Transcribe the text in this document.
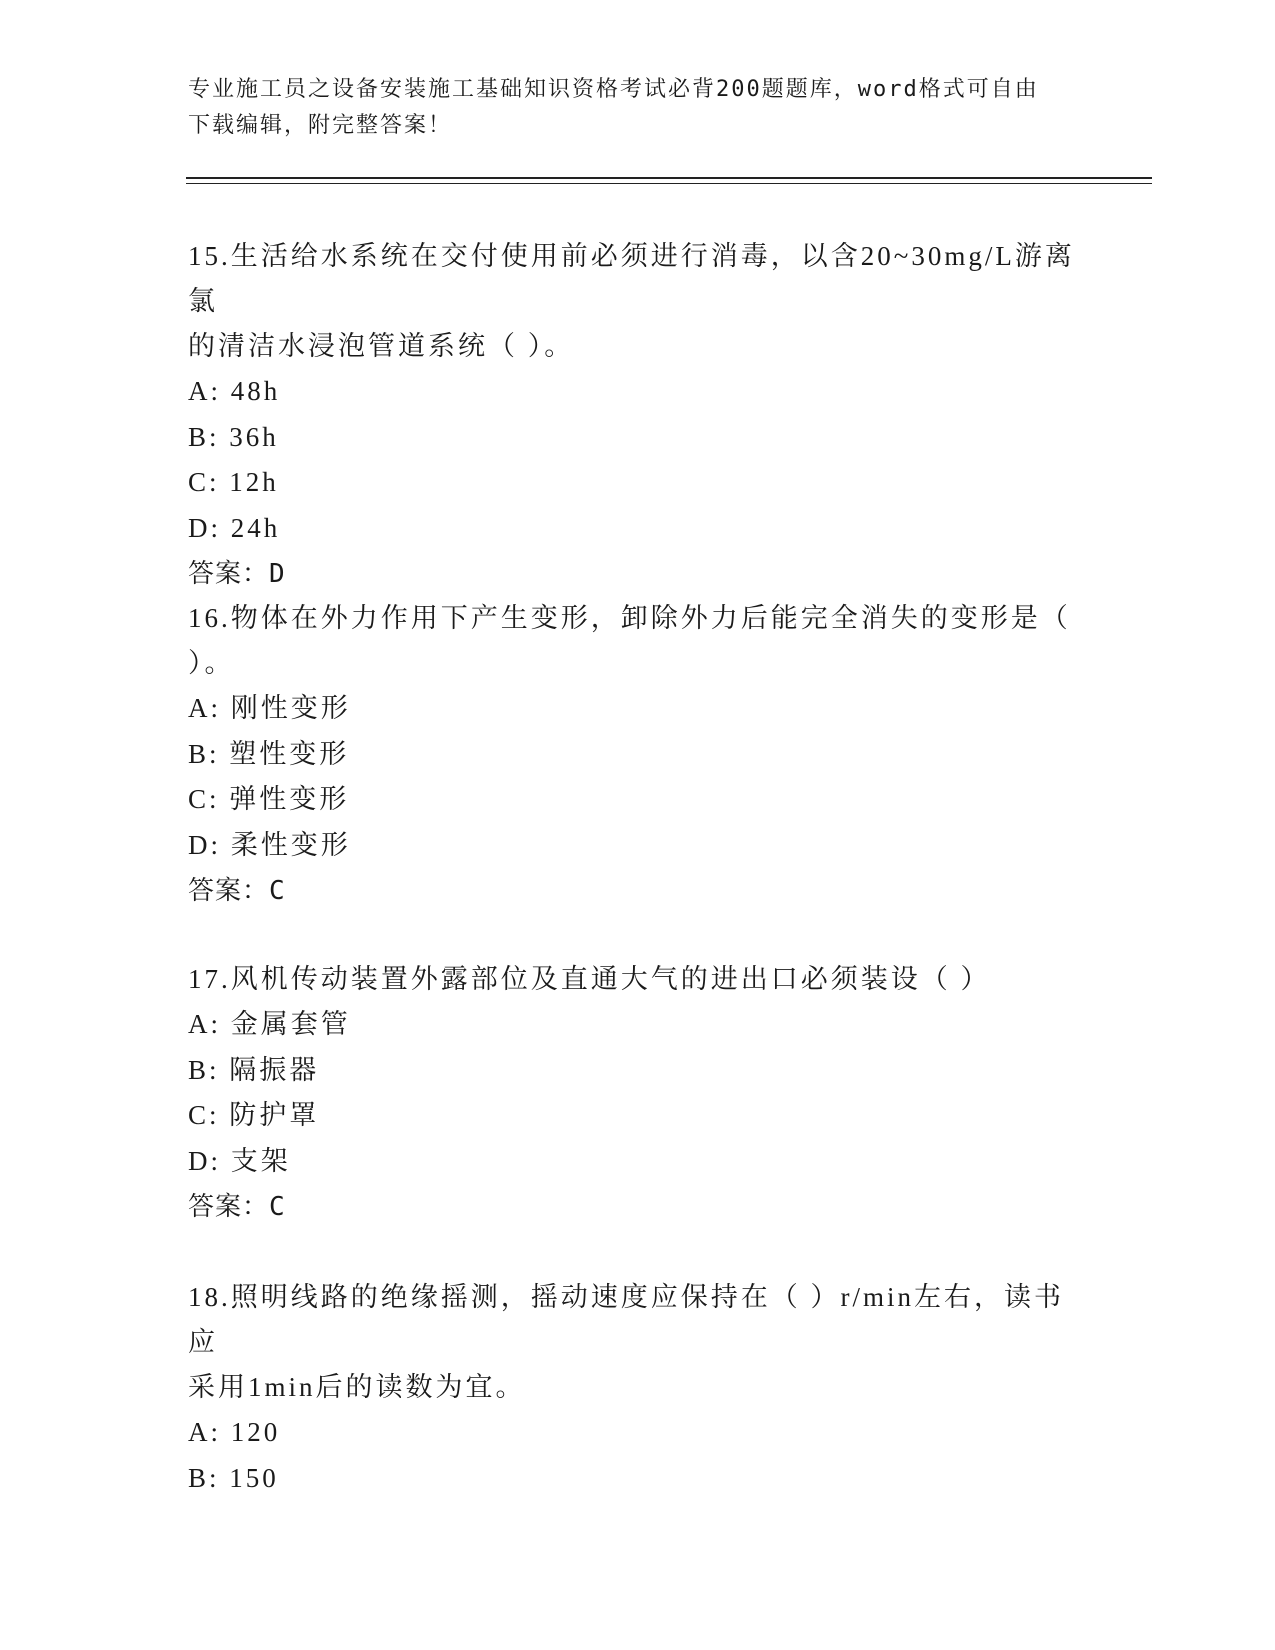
专业施工员之设备安装施工基础知识资格考试必背200题题库，word格式可自由
下载编辑，附完整答案！

15.生活给水系统在交付使用前必须进行消毒，以含20~30mg/L游离氯

的清洁水浸泡管道系统（ ）。

A: 48h

B: 36h

C: 12h

D: 24h

答案：D

16.物体在外力作用下产生变形，卸除外力后能完全消失的变形是（

）。

A: 刚性变形

B: 塑性变形

C: 弹性变形

D: 柔性变形

答案：C

17.风机传动装置外露部位及直通大气的进出口必须装设（ ）

A: 金属套管

B: 隔振器

C: 防护罩

D: 支架

答案：C

18.照明线路的绝缘摇测，摇动速度应保持在（ ）r/min左右，读书应

采用1min后的读数为宜。

A: 120

B: 150
